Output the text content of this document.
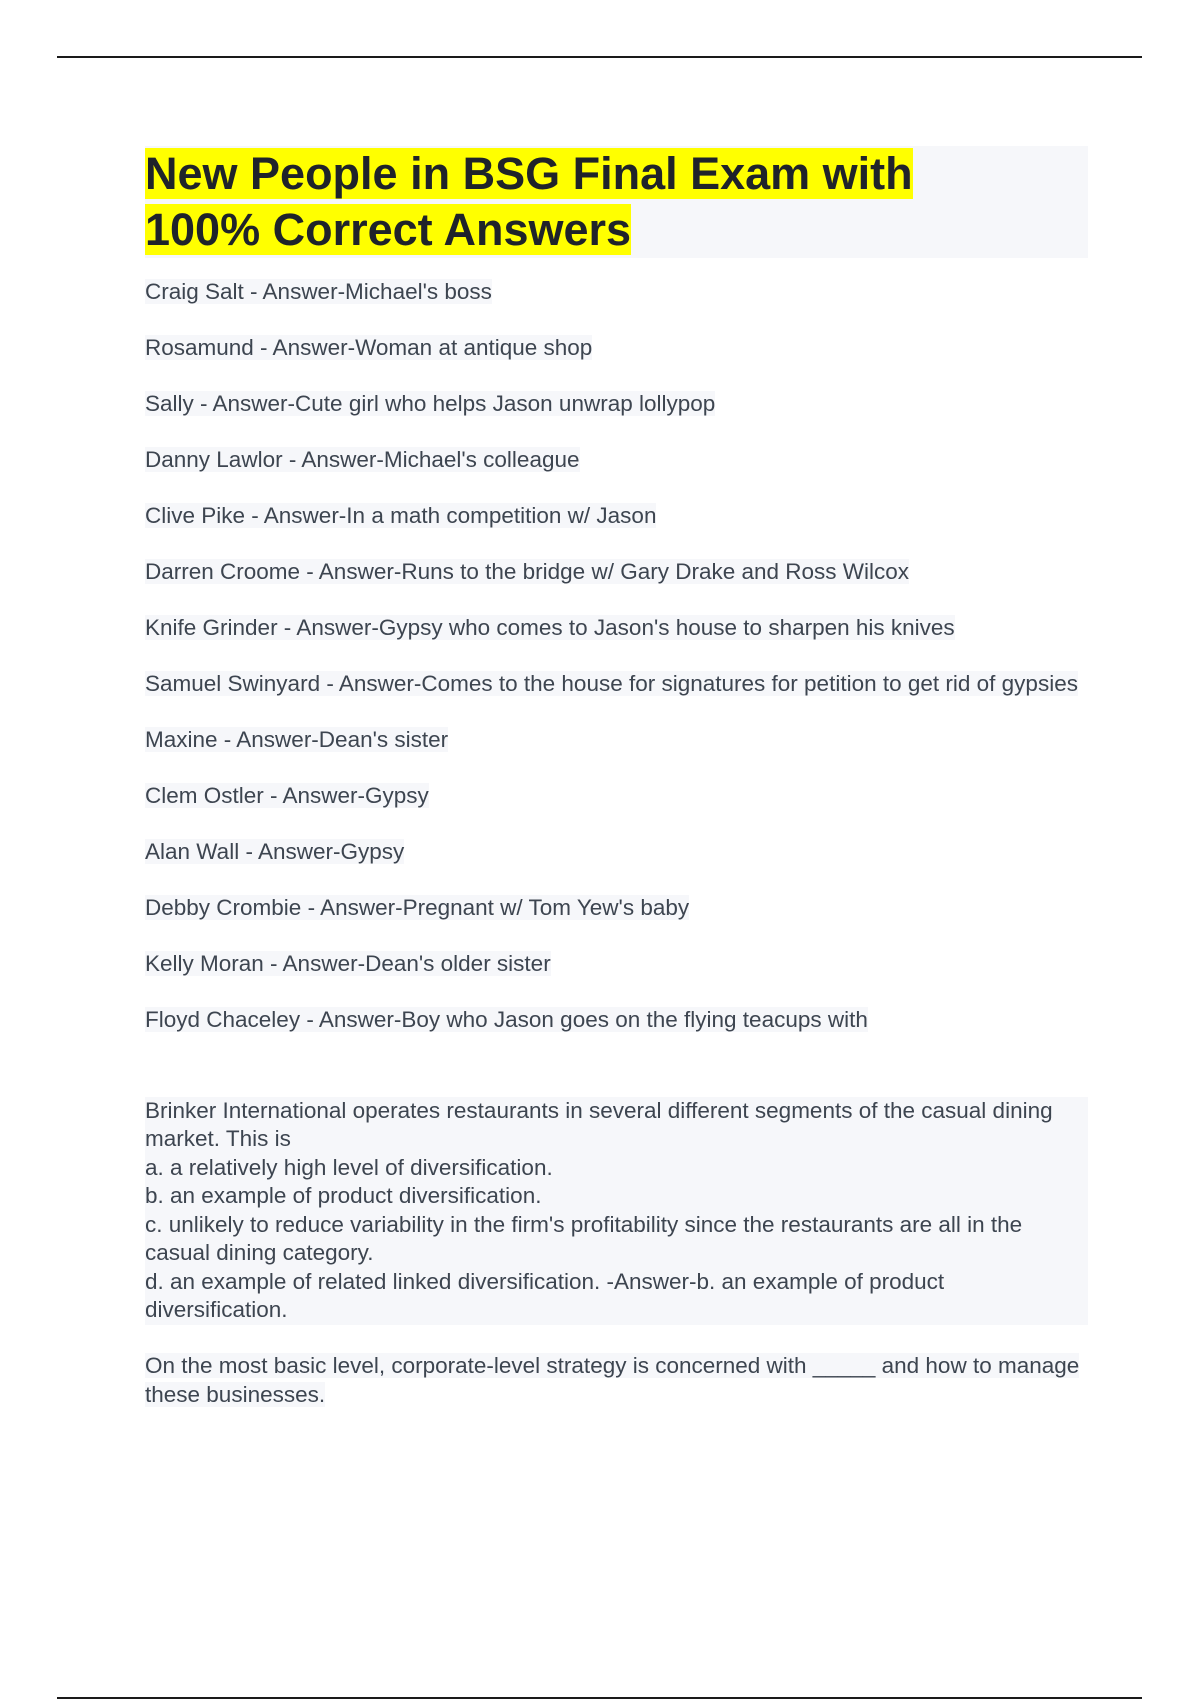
New People in BSG Final Exam with
100% Correct Answers
Craig Salt - Answer-Michael's boss
Rosamund - Answer-Woman at antique shop
Sally - Answer-Cute girl who helps Jason unwrap lollypop
Danny Lawlor - Answer-Michael's colleague
Clive Pike - Answer-In a math competition w/ Jason
Darren Croome - Answer-Runs to the bridge w/ Gary Drake and Ross Wilcox
Knife Grinder - Answer-Gypsy who comes to Jason's house to sharpen his knives
Samuel Swinyard - Answer-Comes to the house for signatures for petition to get rid of gypsies
Maxine - Answer-Dean's sister
Clem Ostler - Answer-Gypsy
Alan Wall - Answer-Gypsy
Debby Crombie - Answer-Pregnant w/ Tom Yew's baby
Kelly Moran - Answer-Dean's older sister
Floyd Chaceley - Answer-Boy who Jason goes on the flying teacups with
Brinker International operates restaurants in several different segments of the casual dining market. This is
a. a relatively high level of diversification.
b. an example of product diversification.
c. unlikely to reduce variability in the firm's profitability since the restaurants are all in the casual dining category.
d. an example of related linked diversification. -Answer-b. an example of product diversification.
On the most basic level, corporate-level strategy is concerned with _____ and how to manage these businesses.
